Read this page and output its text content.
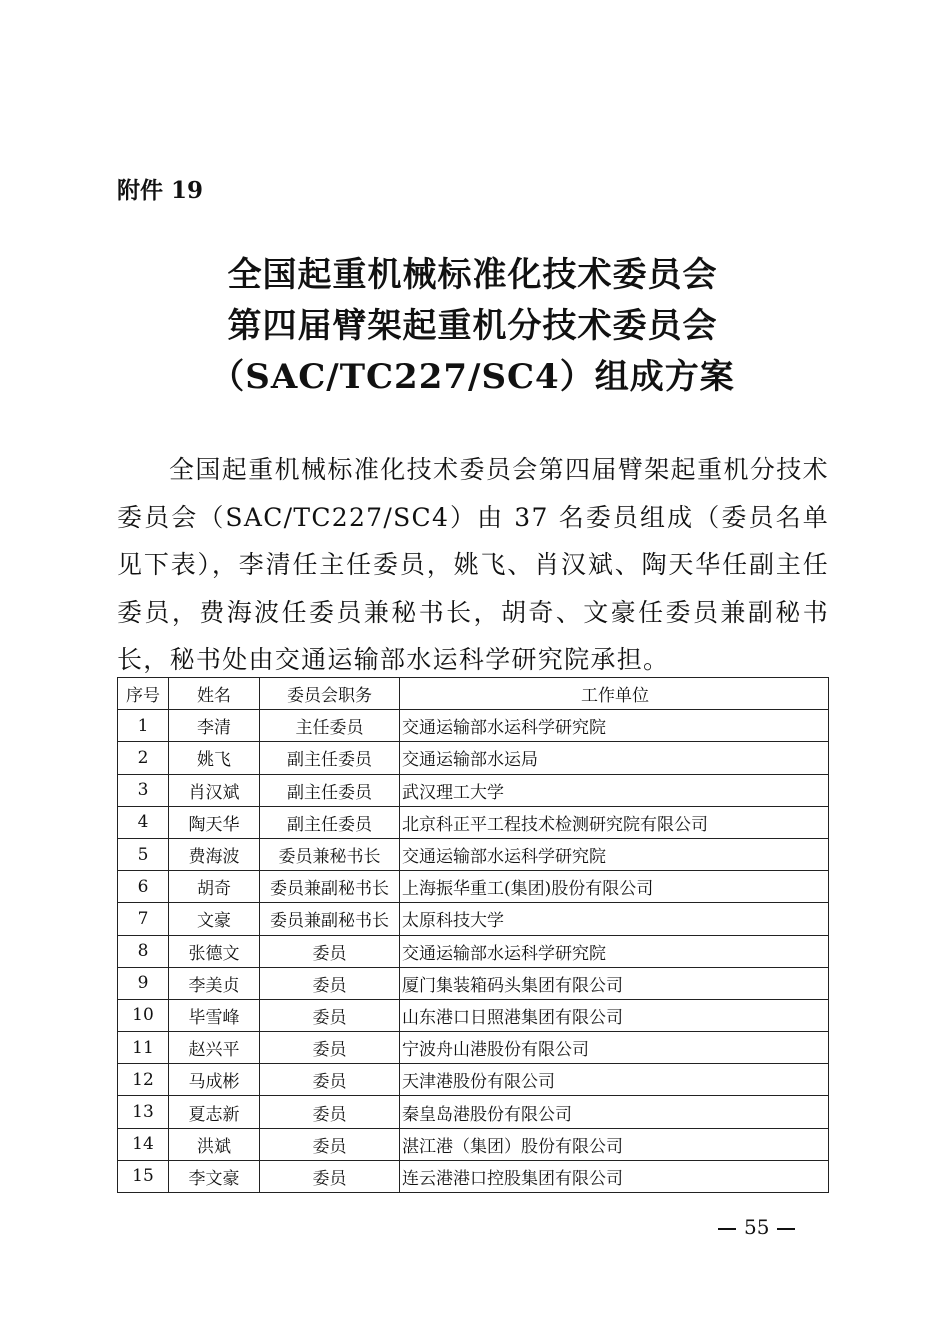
附件 19
全国起重机械标准化技术委员会
第四届臂架起重机分技术委员会
（SAC/TC227/SC4）组成方案

全国起重机械标准化技术委员会第四届臂架起重机分技术委员会（SAC/TC227/SC4）由 37 名委员组成（委员名单见下表），李清任主任委员，姚飞、肖汉斌、陶天华任副主任委员，费海波任委员兼秘书长，胡奇、文豪任委员兼副秘书长，秘书处由交通运输部水运科学研究院承担。

序号	姓名	委员会职务	工作单位
1	李清	主任委员	交通运输部水运科学研究院
2	姚飞	副主任委员	交通运输部水运局
3	肖汉斌	副主任委员	武汉理工大学
4	陶天华	副主任委员	北京科正平工程技术检测研究院有限公司
5	费海波	委员兼秘书长	交通运输部水运科学研究院
6	胡奇	委员兼副秘书长	上海振华重工(集团)股份有限公司
7	文豪	委员兼副秘书长	太原科技大学
8	张德文	委员	交通运输部水运科学研究院
9	李美贞	委员	厦门集装箱码头集团有限公司
10	毕雪峰	委员	山东港口日照港集团有限公司
11	赵兴平	委员	宁波舟山港股份有限公司
12	马成彬	委员	天津港股份有限公司
13	夏志新	委员	秦皇岛港股份有限公司
14	洪斌	委员	湛江港（集团）股份有限公司
15	李文豪	委员	连云港港口控股集团有限公司
55
